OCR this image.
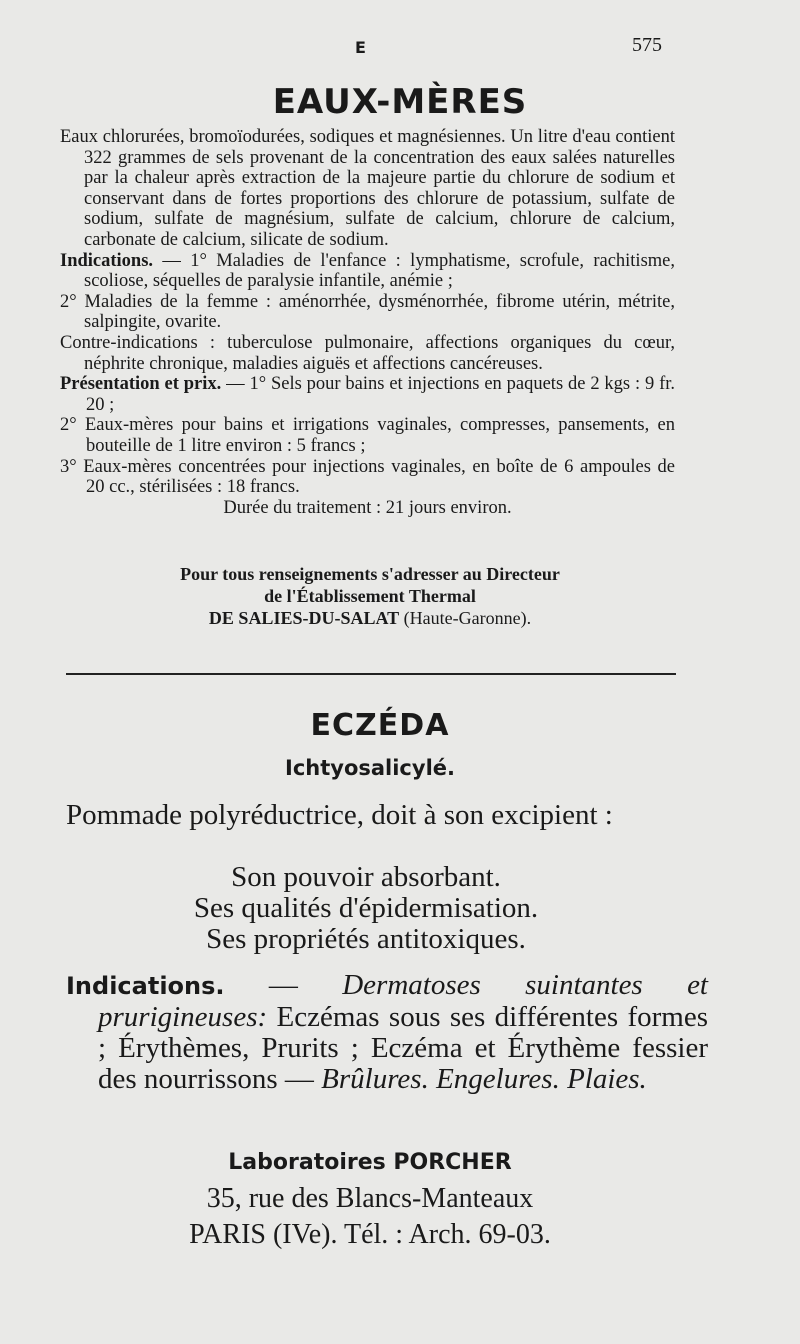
E	575
EAUX-MÈRES
Eaux chlorurées, bromoïodurées, sodiques et magnésiennes. Un litre d'eau contient 322 grammes de sels provenant de la concentration des eaux salées naturelles par la chaleur après extraction de la majeure partie du chlorure de sodium et conservant dans de fortes proportions des chlorure de potassium, sulfate de sodium, sulfate de magnésium, sulfate de calcium, chlorure de calcium, carbonate de calcium, silicate de sodium.
Indications. — 1° Maladies de l'enfance : lymphatisme, scrofule, rachitisme, scoliose, séquelles de paralysie infantile, anémie ;
2° Maladies de la femme : aménorrhée, dysménorrhée, fibrome utérin, métrite, salpingite, ovarite.
Contre-indications : tuberculose pulmonaire, affections organiques du cœur, néphrite chronique, maladies aiguës et affections cancéreuses.
Présentation et prix. — 1° Sels pour bains et injections en paquets de 2 kgs : 9 fr. 20 ;
2° Eaux-mères pour bains et irrigations vaginales, compresses, pansements, en bouteille de 1 litre environ : 5 francs ;
3° Eaux-mères concentrées pour injections vaginales, en boîte de 6 ampoules de 20 cc., stérilisées : 18 francs.
Durée du traitement : 21 jours environ.
Pour tous renseignements s'adresser au Directeur
de l'Établissement Thermal
DE SALIES-DU-SALAT (Haute-Garonne).
ECZÉDA
Ichtyosalicylé.
Pommade polyréductrice, doit à son excipient :
Son pouvoir absorbant.
Ses qualités d'épidermisation.
Ses propriétés antitoxiques.
Indications. — Dermatoses suintantes et prurigineuses: Eczémas sous ses différentes formes ; Érythèmes, Prurits ; Eczéma et Érythème fessier des nourrissons — Brûlures. Engelures. Plaies.
Laboratoires PORCHER
35, rue des Blancs-Manteaux
PARIS (IVe). Tél. : Arch. 69-03.
